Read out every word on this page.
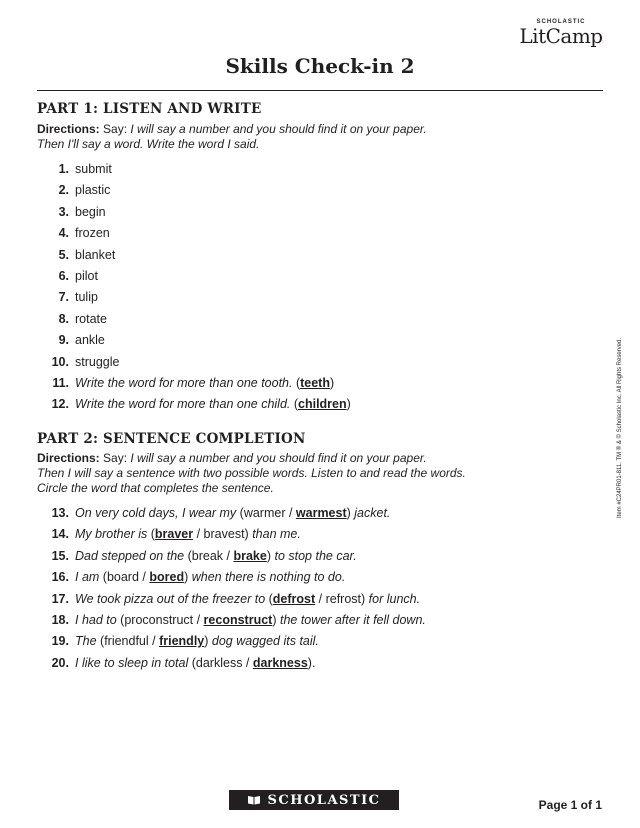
SCHOLASTIC
LitCamp
Skills Check-in 2
PART 1: LISTEN AND WRITE
Directions: Say: I will say a number and you should find it on your paper.
Then I'll say a word. Write the word I said.
1. submit
2. plastic
3. begin
4. frozen
5. blanket
6. pilot
7. tulip
8. rotate
9. ankle
10. struggle
11. Write the word for more than one tooth. (teeth)
12. Write the word for more than one child. (children)
PART 2: SENTENCE COMPLETION
Directions: Say: I will say a number and you should find it on your paper.
Then I will say a sentence with two possible words. Listen to and read the words.
Circle the word that completes the sentence.
13. On very cold days, I wear my (warmer / warmest) jacket.
14. My brother is (braver / bravest) than me.
15. Dad stepped on the (break / brake) to stop the car.
16. I am (board / bored) when there is nothing to do.
17. We took pizza out of the freezer to (defrost / refrost) for lunch.
18. I had to (proconstruct / reconstruct) the tower after it fell down.
19. The (friendful / friendly) dog wagged its tail.
20. I like to sleep in total (darkless / darkness).
Item #C24PR01-811. TM ® & © Scholastic Inc. All Rights Reserved.
SCHOLASTIC	Page 1 of 1
